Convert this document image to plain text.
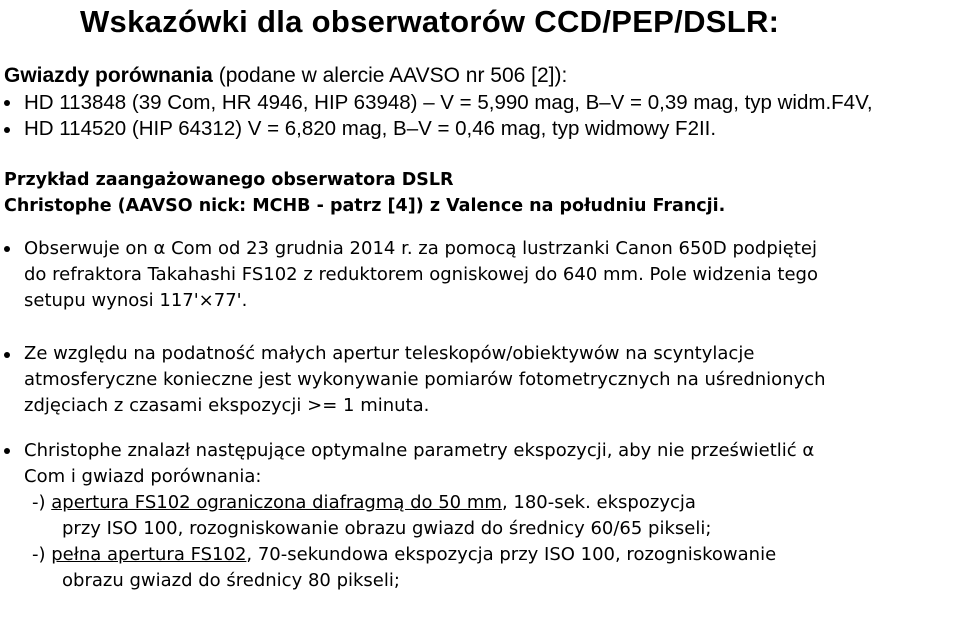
Wskazówki dla obserwatorów CCD/PEP/DSLR:
Gwiazdy porównania (podane w alercie AAVSO nr 506 [2]):
HD 113848 (39 Com, HR 4946, HIP 63948) – V = 5,990 mag, B–V = 0,39 mag, typ widm.F4V,
HD 114520 (HIP 64312) V = 6,820 mag, B–V = 0,46 mag, typ widmowy F2II.
Przykład zaangażowanego obserwatora DSLR
Christophe (AAVSO nick: MCHB - patrz [4]) z Valence na południu Francji.
Obserwuje on α Com od 23 grudnia 2014 r. za pomocą lustrzanki Canon 650D podpiętej
do refraktora Takahashi FS102 z reduktorem ogniskowej do 640 mm. Pole widzenia tego
setupu wynosi 117'×77'.
Ze względu na podatność małych apertur teleskopów/obiektywów na scyntylacje
atmosferyczne konieczne jest wykonywanie pomiarów fotometrycznych na uśrednionych
zdjęciach z czasami ekspozycji >= 1 minuta.
Christophe znalazł następujące optymalne parametry ekspozycji, aby nie prześwietlić α
Com i gwiazd porównania:
-) apertura FS102 ograniczona diafragmą do 50 mm, 180-sek. ekspozycja
przy ISO 100, rozogniskowanie obrazu gwiazd do średnicy 60/65 pikseli;
-) pełna apertura FS102, 70-sekundowa ekspozycja przy ISO 100, rozogniskowanie
obrazu gwiazd do średnicy 80 pikseli;
